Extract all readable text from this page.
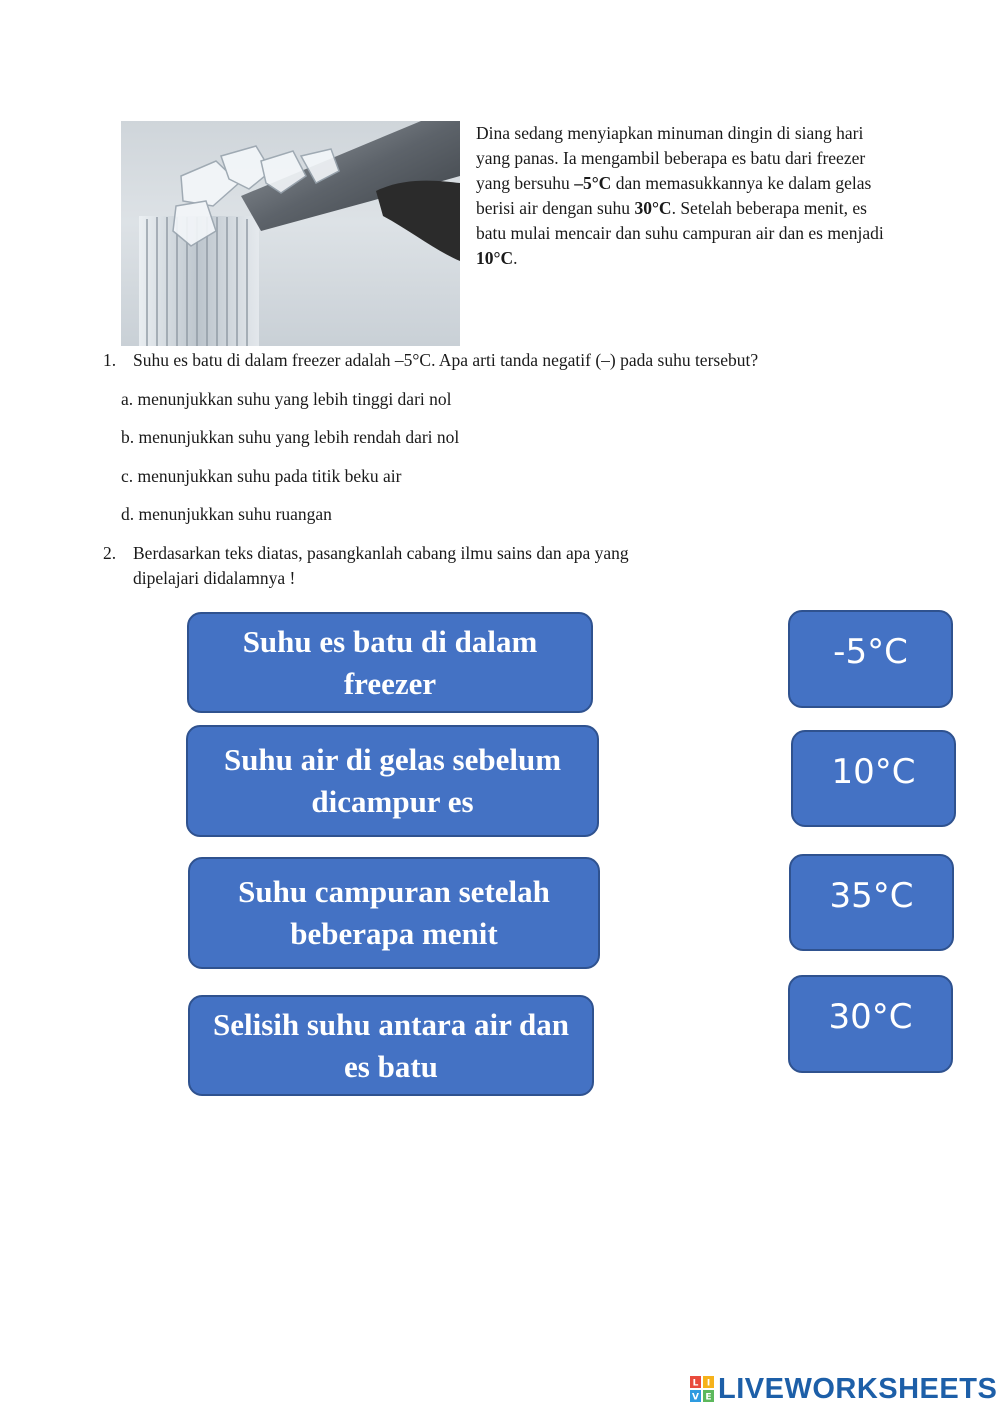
Dina sedang menyiapkan minuman dingin di siang hari yang panas. Ia mengambil beberapa es batu dari freezer yang bersuhu –5°C dan memasukkannya ke dalam gelas berisi air dengan suhu 30°C. Setelah beberapa menit, es batu mulai mencair dan suhu campuran air dan es menjadi 10°C.
1. Suhu es batu di dalam freezer adalah –5°C. Apa arti tanda negatif (–) pada suhu tersebut?
a. menunjukkan suhu yang lebih tinggi dari nol
b. menunjukkan suhu yang lebih rendah dari nol
c. menunjukkan suhu pada titik beku air
d. menunjukkan suhu ruangan
2. Berdasarkan teks diatas, pasangkanlah cabang ilmu sains dan apa yang
dipelajari didalamnya !
Suhu es batu di dalam freezer
Suhu air di gelas sebelum dicampur es
Suhu campuran setelah beberapa menit
Selisih suhu antara air dan es batu
-5°C
10°C
35°C
30°C
L I
V E LIVEWORKSHEETS
